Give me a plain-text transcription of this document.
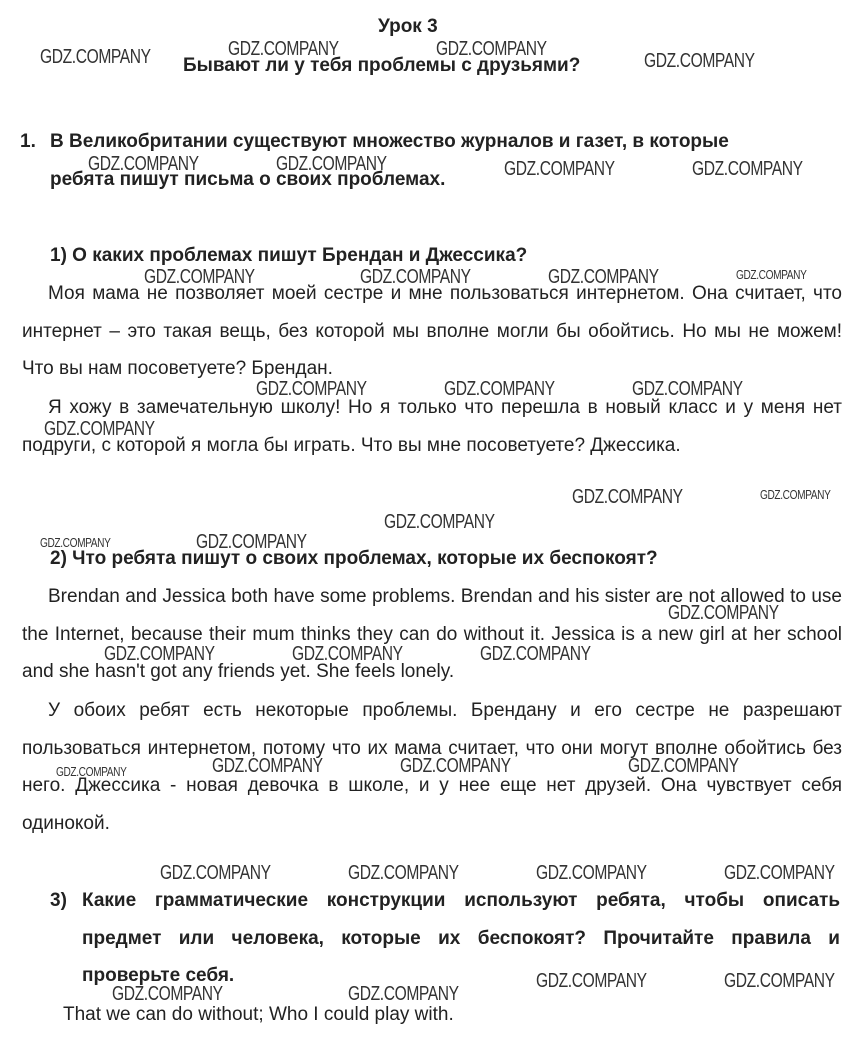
Урок 3
Бывают ли у тебя проблемы с друзьями?
1. В Великобритании существуют множество журналов и газет, в которые
ребята пишут письма о своих проблемах.
1) О каких проблемах пишут Брендан и Джессика?
Моя мама не позволяет моей сестре и мне пользоваться интернетом. Она считает, что интернет – это такая вещь, без которой мы вполне могли бы обойтись. Но мы не можем! Что вы нам посоветуете? Брендан.
Я хожу в замечательную школу! Но я только что перешла в новый класс и у меня нет подруги, с которой я могла бы играть. Что вы мне посоветуете? Джессика.
2) Что ребята пишут о своих проблемах, которые их беспокоят?
Brendan and Jessica both have some problems. Brendan and his sister are not allowed to use the Internet, because their mum thinks they can do without it. Jessica is a new girl at her school and she hasn't got any friends yet. She feels lonely.
У обоих ребят есть некоторые проблемы. Брендану и его сестре не разрешают пользоваться интернетом, потому что их мама считает, что они могут вполне обойтись без него. Джессика - новая девочка в школе, и у нее еще нет друзей. Она чувствует себя одинокой.
3) Какие грамматические конструкции используют ребята, чтобы описать предмет или человека, которые их беспокоят? Прочитайте правила и проверьте себя.
That we can do without; Who I could play with.
GDZ.COMPANY	GDZ.COMPANY	GDZ.COMPANY
GDZ.COMPANY
GDZ.COMPANY	GDZ.COMPANY	GDZ.COMPANY	GDZ.COMPANY
GDZ.COMPANY	GDZ.COMPANY	GDZ.COMPANY	GDZ.COMPANY
GDZ.COMPANY	GDZ.COMPANY	GDZ.COMPANY
GDZ.COMPANY
GDZ.COMPANY	GDZ.COMPANY
GDZ.COMPANY
GDZ.COMPANY	GDZ.COMPANY
GDZ.COMPANY
GDZ.COMPANY	GDZ.COMPANY	GDZ.COMPANY
GDZ.COMPANY	GDZ.COMPANY	GDZ.COMPANY	GDZ.COMPANY
GDZ.COMPANY	GDZ.COMPANY	GDZ.COMPANY	GDZ.COMPANY
GDZ.COMPANY	GDZ.COMPANY
GDZ.COMPANY	GDZ.COMPANY
